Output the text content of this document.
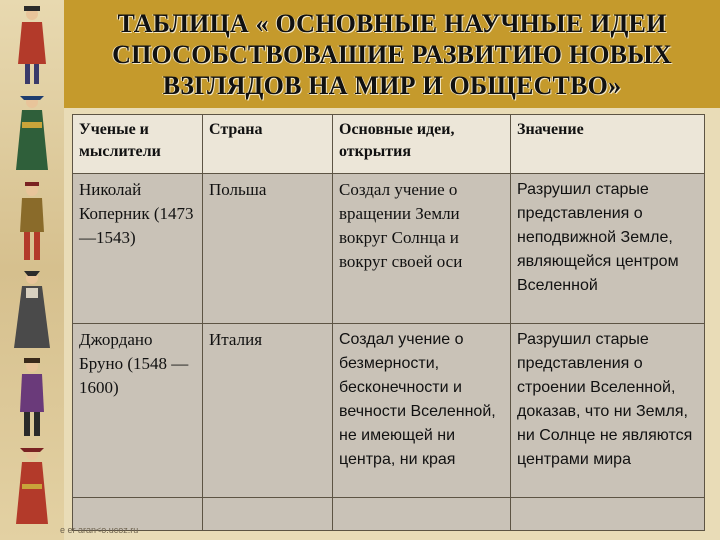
ТАБЛИЦА « ОСНОВНЫЕ НАУЧНЫЕ ИДЕИ СПОСОБСТВОВАШИЕ РАЗВИТИЮ НОВЫХ ВЗГЛЯДОВ НА МИР И ОБЩЕСТВО»
Ученые и мыслители	Страна	Основные идеи, открытия	Значение
Николай Коперник (1473—1543)	Польша	Создал учение о вращении Земли вокруг Солнца и вокруг своей оси	Разрушил старые представления о неподвижной Земле, являющейся центром Вселенной
Джордано Бруно (1548 —1600)	Италия	Создал учение о безмерности, бесконечности и вечности Вселенной, не имеющей ни центра, ни края	Разрушил старые представления о строении Вселенной, доказав, что ни Земля, ни Солнце не являются центрами мира

e er aran<o.ucoz.ru
